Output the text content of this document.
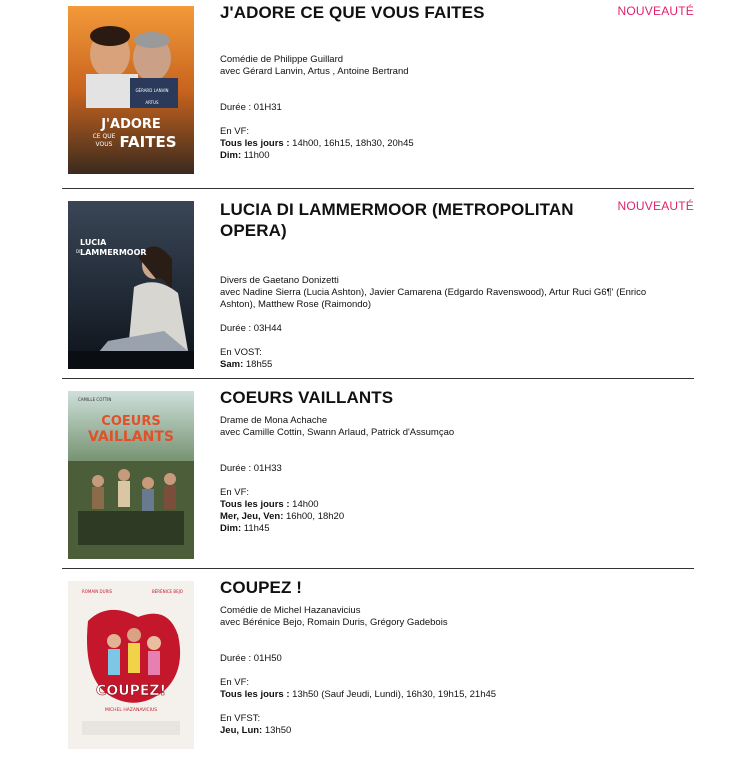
GÉRARD LANVIN
ARTUS
J'ADORE
CE QUE
VOUS FAITES
J'ADORE CE QUE VOUS FAITES	NOUVEAUTÉ

Comédie de Philippe Guillard

avec Gérard Lanvin, Artus , Antoine Bertrand

Durée : 01H31

En VF:

Tous les jours : 14h00, 16h15, 18h30, 20h45

Dim: 11h00

LUCIA
DI LAMMERMOOR
LUCIA DI LAMMERMOOR (METROPOLITAN OPERA)
NOUVEAUTÉ

Divers de Gaetano Donizetti

avec Nadine Sierra (Lucia Ashton), Javier Camarena (Edgardo Ravenswood), Artur Ruci G6¶' (Enrico Ashton), Matthew Rose (Raimondo)

Durée : 03H44

En VOST:

Sam: 18h55

CAMILLE COTTIN
COEURS
VAILLANTS
COEURS VAILLANTS

Drame de Mona Achache

avec Camille Cottin, Swann Arlaud, Patrick d'Assumçao

Durée : 01H33

En VF:

Tous les jours : 14h00

Mer, Jeu, Ven: 16h00, 18h20

Dim: 11h45

ROMAIN DURIS	BÉRÉNICE BEJO
COUPEZ!
MICHEL HAZANAVICIUS
COUPEZ !

Comédie de Michel Hazanavicius

avec Bérénice Bejo, Romain Duris, Grégory Gadebois

Durée : 01H50

En VF:

Tous les jours : 13h50 (Sauf Jeudi, Lundi), 16h30, 19h15, 21h45

En VFST:

Jeu, Lun: 13h50
